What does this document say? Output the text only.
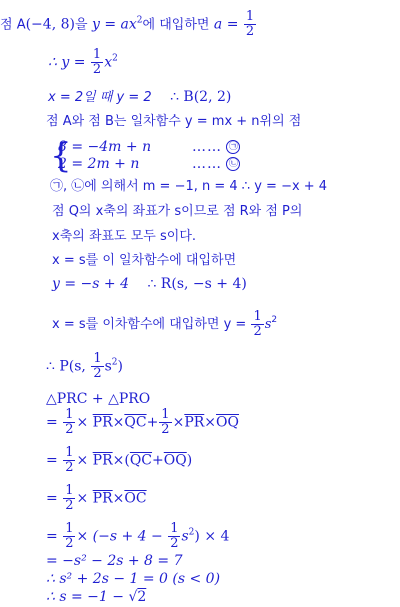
점 A(−4, 8)을 $y = ax^2$에 대입하면 $a = \frac{1}{2}$
∴ $y = \frac{1}{2} x^2$
x = 2일 때 y = 2 ∴ B(2, 2)
점 A와 점 B는 일차함수 y = mx + n위의 점
{
8 = −4m + n	…… ㉠
2 = 2m + n	…… ㉡
㉠, ㉡에 의해서 m = −1, n = 4 ∴ y = −x + 4
점 Q의 x축의 좌표가 s이므로 점 R와 점 P의
x축의 좌표도 모두 s이다.
x = s를 이 일차함수에 대입하면
y = −s + 4 ∴ R(s, −s + 4)
x = s를 이차함수에 대입하면 $y = \frac{1}{2} s^2$
∴ P(s, $\frac{1}{2} s^2$)
△PRC + △PRO
= $\frac{1}{2} \times \overline{PR}\times\overline{QC}+ \frac{1}{2} \times\overline{PR}\times\overline{OQ}$
= $\frac{1}{2} \times \overline{PR}\times(\overline{QC}+\overline{OQ})$
= $\frac{1}{2} \times \overline{PR}\times\overline{OC}$
= $\frac{1}{2} \times (-s + 4 - \frac{1}{2} s^2) \times 4$
= −s² − 2s + 8 = 7
∴ s² + 2s − 1 = 0 (s < 0)
∴ s = −1 − √2
